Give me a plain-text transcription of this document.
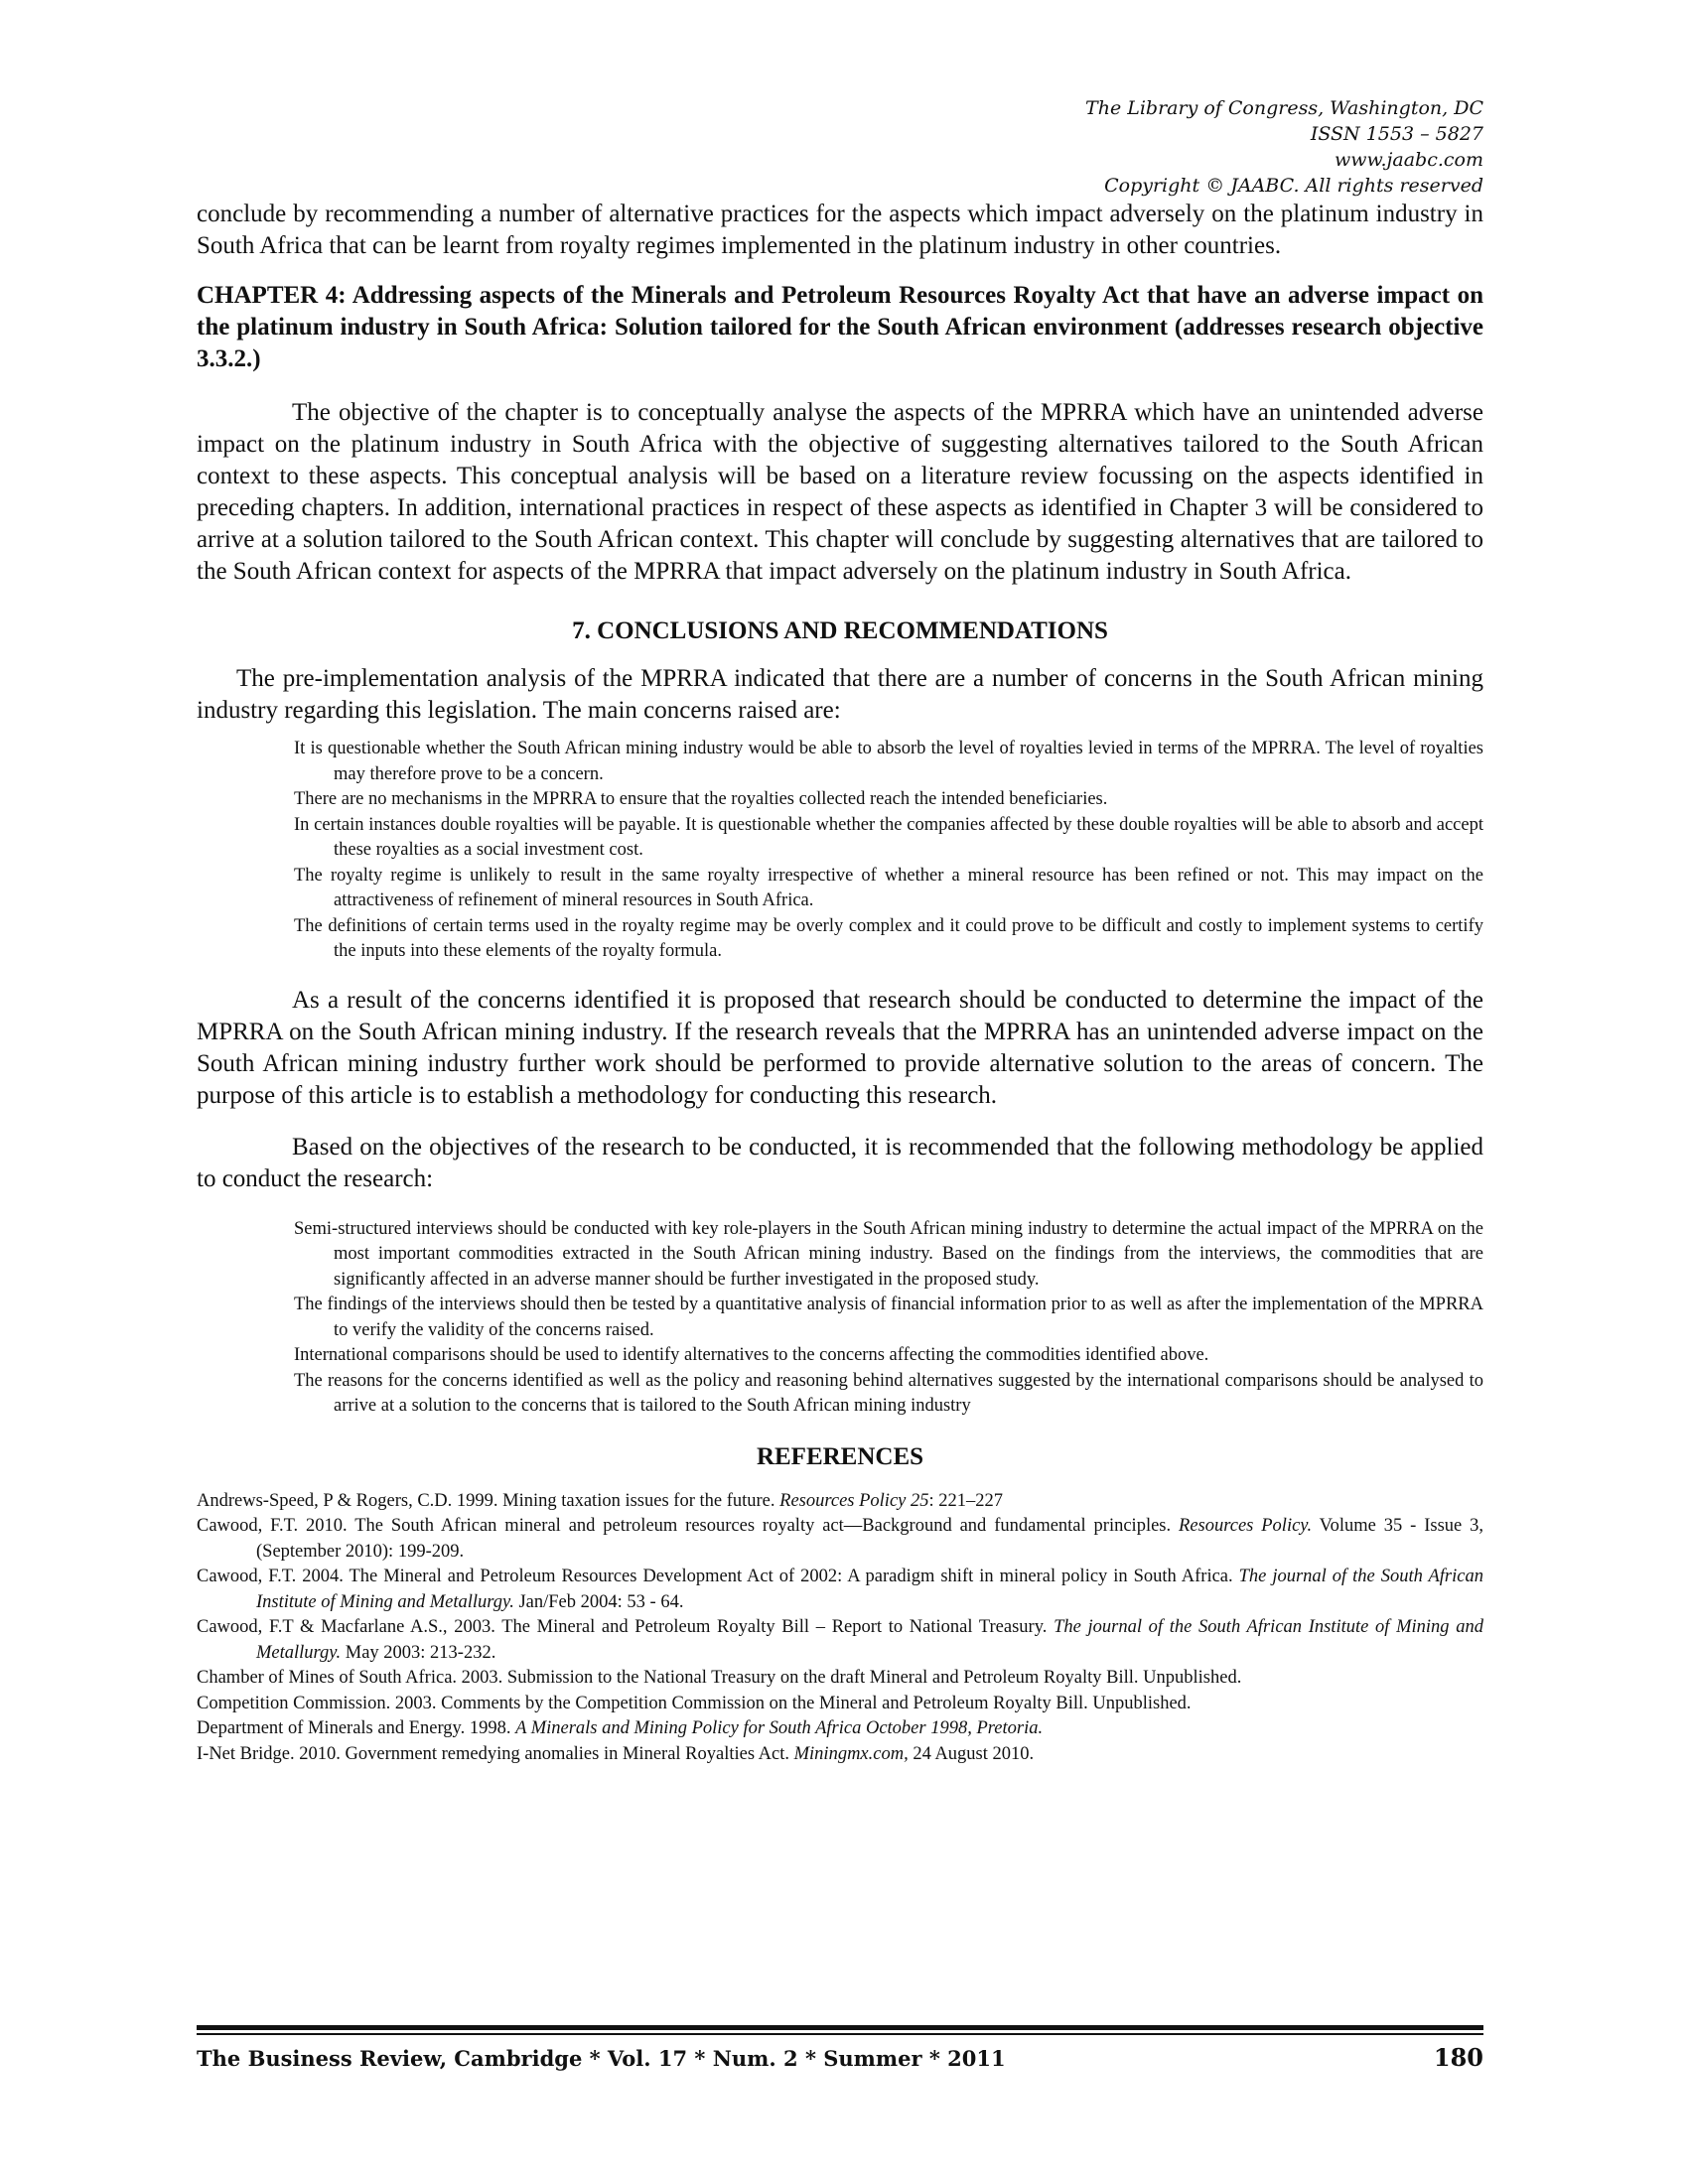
The Library of Congress, Washington, DC
ISSN 1553 – 5827
www.jaabc.com
Copyright © JAABC. All rights reserved

conclude by recommending a number of alternative practices for the aspects which impact adversely on the platinum industry in South Africa that can be learnt from royalty regimes implemented in the platinum industry in other countries.

CHAPTER 4: Addressing aspects of the Minerals and Petroleum Resources Royalty Act that have an adverse impact on the platinum industry in South Africa: Solution tailored for the South African environment (addresses research objective 3.3.2.)

The objective of the chapter is to conceptually analyse the aspects of the MPRRA which have an unintended adverse impact on the platinum industry in South Africa with the objective of suggesting alternatives tailored to the South African context to these aspects. This conceptual analysis will be based on a literature review focussing on the aspects identified in preceding chapters. In addition, international practices in respect of these aspects as identified in Chapter 3 will be considered to arrive at a solution tailored to the South African context. This chapter will conclude by suggesting alternatives that are tailored to the South African context for aspects of the MPRRA that impact adversely on the platinum industry in South Africa.

7. CONCLUSIONS AND RECOMMENDATIONS

The pre-implementation analysis of the MPRRA indicated that there are a number of concerns in the South African mining industry regarding this legislation. The main concerns raised are:

It is questionable whether the South African mining industry would be able to absorb the level of royalties levied in terms of the MPRRA. The level of royalties may therefore prove to be a concern.
There are no mechanisms in the MPRRA to ensure that the royalties collected reach the intended beneficiaries.
In certain instances double royalties will be payable. It is questionable whether the companies affected by these double royalties will be able to absorb and accept these royalties as a social investment cost.
The royalty regime is unlikely to result in the same royalty irrespective of whether a mineral resource has been refined or not. This may impact on the attractiveness of refinement of mineral resources in South Africa.
The definitions of certain terms used in the royalty regime may be overly complex and it could prove to be difficult and costly to implement systems to certify the inputs into these elements of the royalty formula.

As a result of the concerns identified it is proposed that research should be conducted to determine the impact of the MPRRA on the South African mining industry. If the research reveals that the MPRRA has an unintended adverse impact on the South African mining industry further work should be performed to provide alternative solution to the areas of concern. The purpose of this article is to establish a methodology for conducting this research.

Based on the objectives of the research to be conducted, it is recommended that the following methodology be applied to conduct the research:

Semi-structured interviews should be conducted with key role-players in the South African mining industry to determine the actual impact of the MPRRA on the most important commodities extracted in the South African mining industry. Based on the findings from the interviews, the commodities that are significantly affected in an adverse manner should be further investigated in the proposed study.
The findings of the interviews should then be tested by a quantitative analysis of financial information prior to as well as after the implementation of the MPRRA to verify the validity of the concerns raised.
International comparisons should be used to identify alternatives to the concerns affecting the commodities identified above.
The reasons for the concerns identified as well as the policy and reasoning behind alternatives suggested by the international comparisons should be analysed to arrive at a solution to the concerns that is tailored to the South African mining industry
REFERENCES
Andrews-Speed, P & Rogers, C.D. 1999. Mining taxation issues for the future. Resources Policy 25: 221–227
Cawood, F.T. 2010. The South African mineral and petroleum resources royalty act—Background and fundamental principles. Resources Policy. Volume 35 - Issue 3, (September 2010): 199-209.
Cawood, F.T. 2004. The Mineral and Petroleum Resources Development Act of 2002: A paradigm shift in mineral policy in South Africa. The journal of the South African Institute of Mining and Metallurgy. Jan/Feb 2004: 53 - 64.
Cawood, F.T & Macfarlane A.S., 2003. The Mineral and Petroleum Royalty Bill – Report to National Treasury. The journal of the South African Institute of Mining and Metallurgy. May 2003: 213-232.
Chamber of Mines of South Africa. 2003. Submission to the National Treasury on the draft Mineral and Petroleum Royalty Bill. Unpublished.
Competition Commission. 2003. Comments by the Competition Commission on the Mineral and Petroleum Royalty Bill. Unpublished.
Department of Minerals and Energy. 1998. A Minerals and Mining Policy for South Africa October 1998, Pretoria.
I-Net Bridge. 2010. Government remedying anomalies in Mineral Royalties Act. Miningmx.com, 24 August 2010.
The Business Review, Cambridge * Vol. 17 * Num. 2 * Summer * 2011	180
